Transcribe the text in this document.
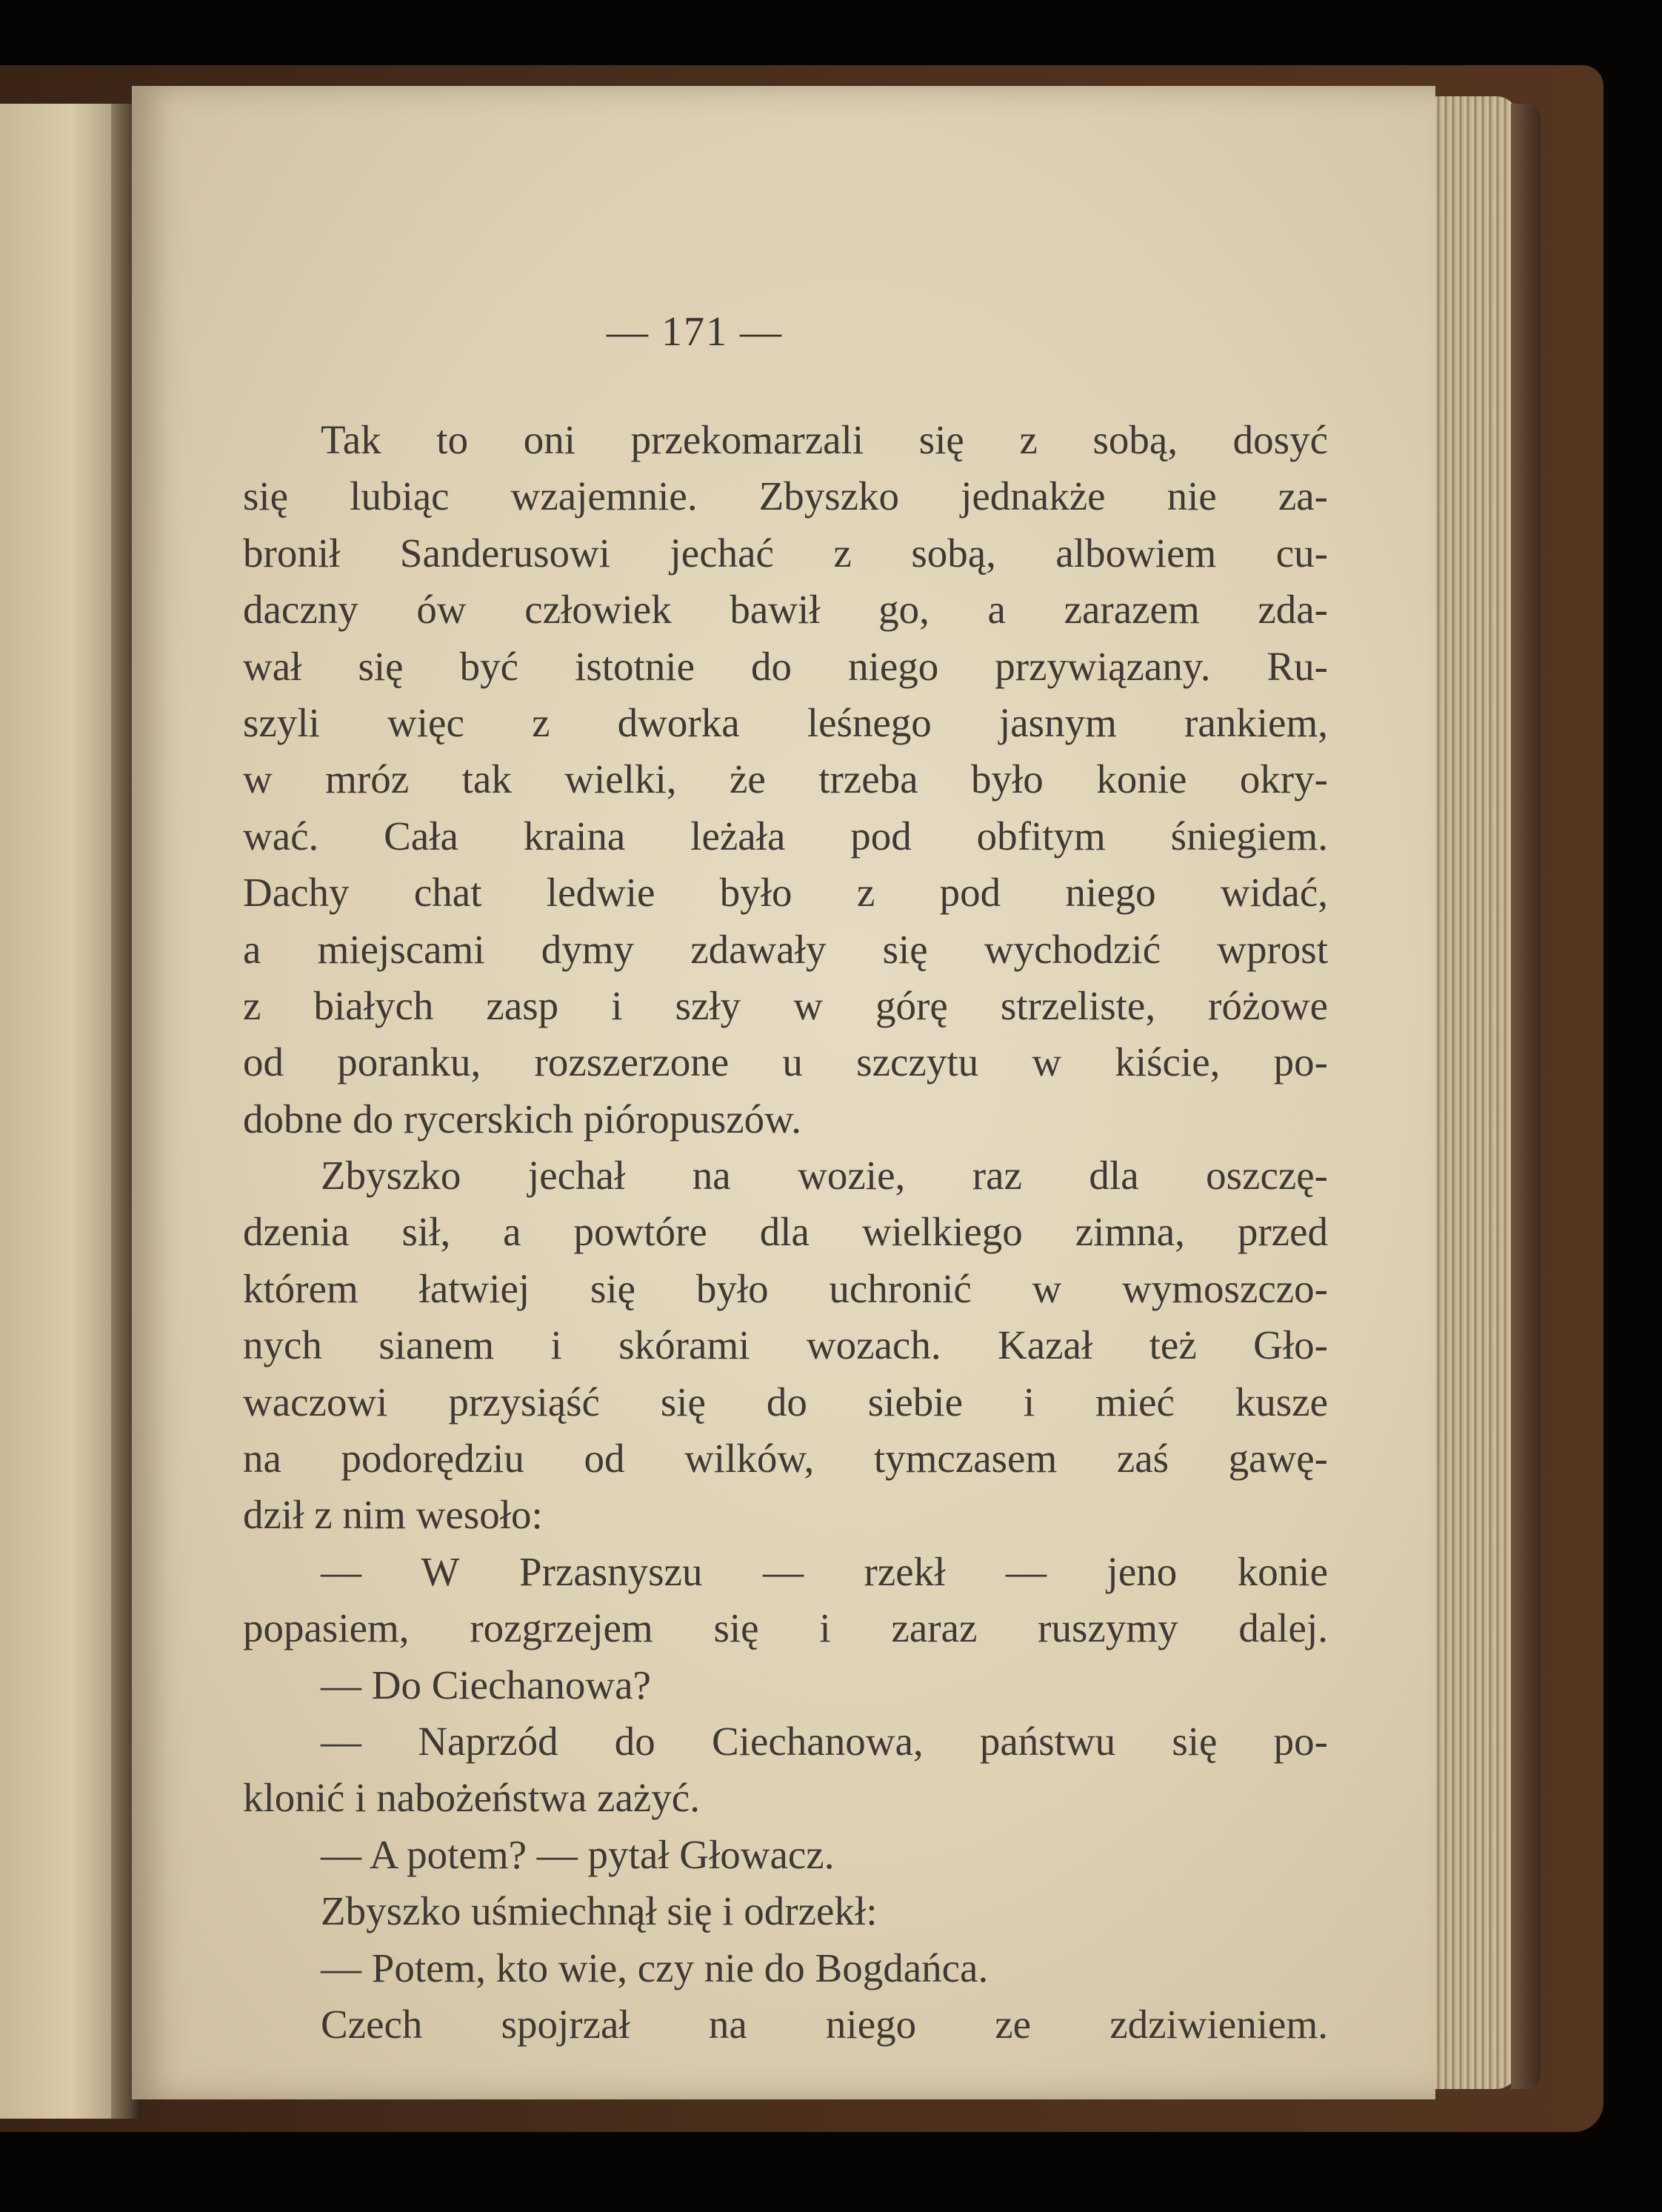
— 171 —
Tak to oni przekomarzali się z sobą, dosyć
się lubiąc wzajemnie. Zbyszko jednakże nie za-
bronił Sanderusowi jechać z sobą, albowiem cu-
daczny ów człowiek bawił go, a zarazem zda-
wał się być istotnie do niego przywiązany. Ru-
szyli więc z dworka leśnego jasnym rankiem,
w mróz tak wielki, że trzeba było konie okry-
wać. Cała kraina leżała pod obfitym śniegiem.
Dachy chat ledwie było z pod niego widać,
a miejscami dymy zdawały się wychodzić wprost
z białych zasp i szły w górę strzeliste, różowe
od poranku, rozszerzone u szczytu w kiście, po-
dobne do rycerskich pióropuszów.
Zbyszko jechał na wozie, raz dla oszczę-
dzenia sił, a powtóre dla wielkiego zimna, przed
którem łatwiej się było uchronić w wymoszczo-
nych sianem i skórami wozach. Kazał też Gło-
waczowi przysiąść się do siebie i mieć kusze
na podorędziu od wilków, tymczasem zaś gawę-
dził z nim wesoło:
— W Przasnyszu — rzekł — jeno konie
popasiem, rozgrzejem się i zaraz ruszymy dalej.
— Do Ciechanowa?
— Naprzód do Ciechanowa, państwu się po-
klonić i nabożeństwa zażyć.
— A potem? — pytał Głowacz.
Zbyszko uśmiechnął się i odrzekł:
— Potem, kto wie, czy nie do Bogdańca.
Czech spojrzał na niego ze zdziwieniem.
